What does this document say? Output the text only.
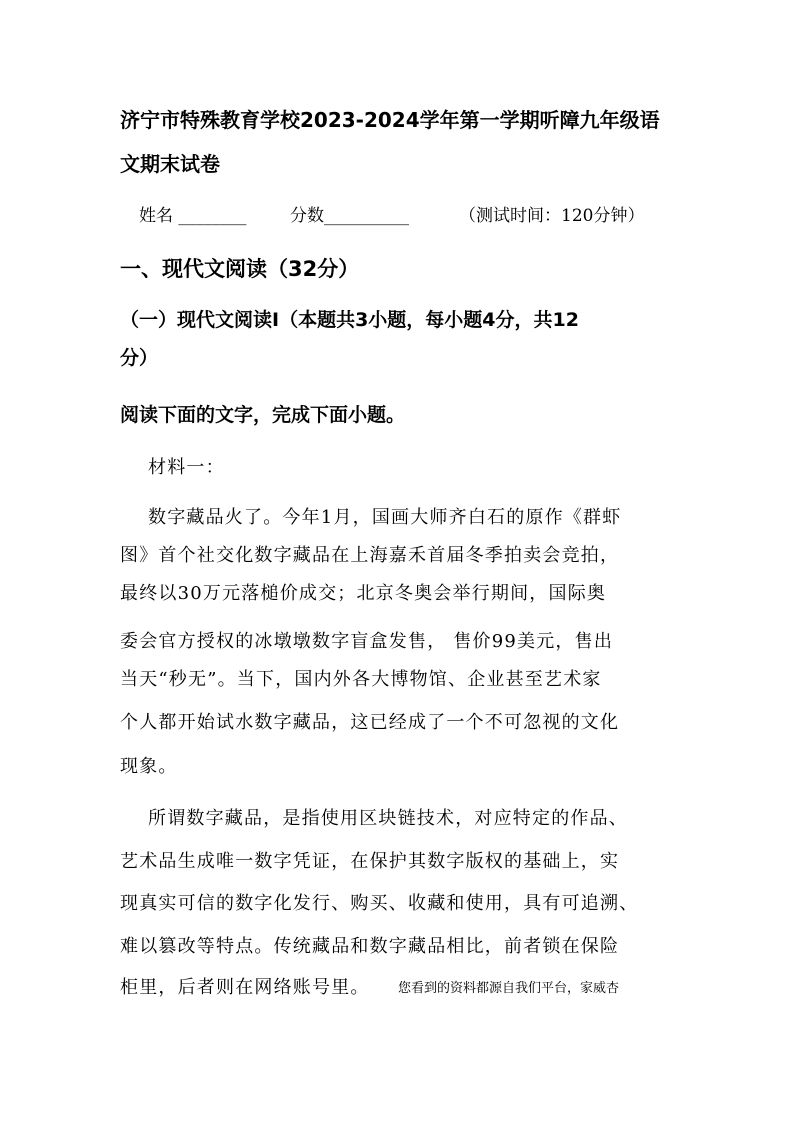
济宁市特殊教育学校2023-2024学年第一学期听障九年级语
文期末试卷
姓名 ________	分数__________	（测试时间：120分钟）
一、现代文阅读（32分）
（一）现代文阅读Ⅰ（本题共3小题，每小题4分，共12
分）
阅读下面的文字，完成下面小题。
材料一：
数字藏品火了。今年1月，国画大师齐白石的原作《群虾
图》首个社交化数字藏品在上海嘉禾首届冬季拍卖会竞拍，
最终以30万元落槌价成交；北京冬奥会举行期间，国际奥
委会官方授权的冰墩墩数字盲盒发售， 售价99美元，售出
当天“秒无”。当下，国内外各大博物馆、企业甚至艺术家
个人都开始试水数字藏品，这已经成了一个不可忽视的文化
现象。
所谓数字藏品，是指使用区块链技术，对应特定的作品、
艺术品生成唯一数字凭证，在保护其数字版权的基础上，实
现真实可信的数字化发行、购买、收藏和使用，具有可追溯、
难以篡改等特点。传统藏品和数字藏品相比，前者锁在保险
柜里，后者则在网络账号里。 您看到的资料都源自我们平台，家威杏
